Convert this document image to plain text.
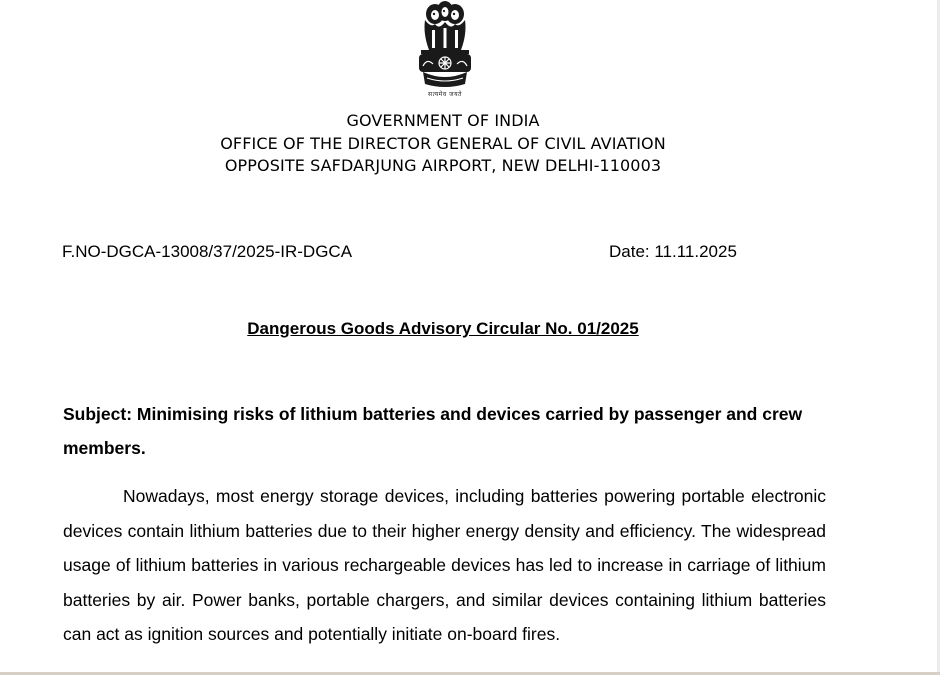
सत्यमेव जयते
GOVERNMENT OF INDIA
OFFICE OF THE DIRECTOR GENERAL OF CIVIL AVIATION
OPPOSITE SAFDARJUNG AIRPORT, NEW DELHI-110003
F.NO-DGCA-13008/37/2025-IR-DGCA	Date: 11.11.2025
Dangerous Goods Advisory Circular No. 01/2025
Subject: Minimising risks of lithium batteries and devices carried by passenger and crew members.
Nowadays, most energy storage devices, including batteries powering portable electronic devices contain lithium batteries due to their higher energy density and efficiency. The widespread usage of lithium batteries in various rechargeable devices has led to increase in carriage of lithium batteries by air. Power banks, portable chargers, and similar devices containing lithium batteries can act as ignition sources and potentially initiate on-board fires.
